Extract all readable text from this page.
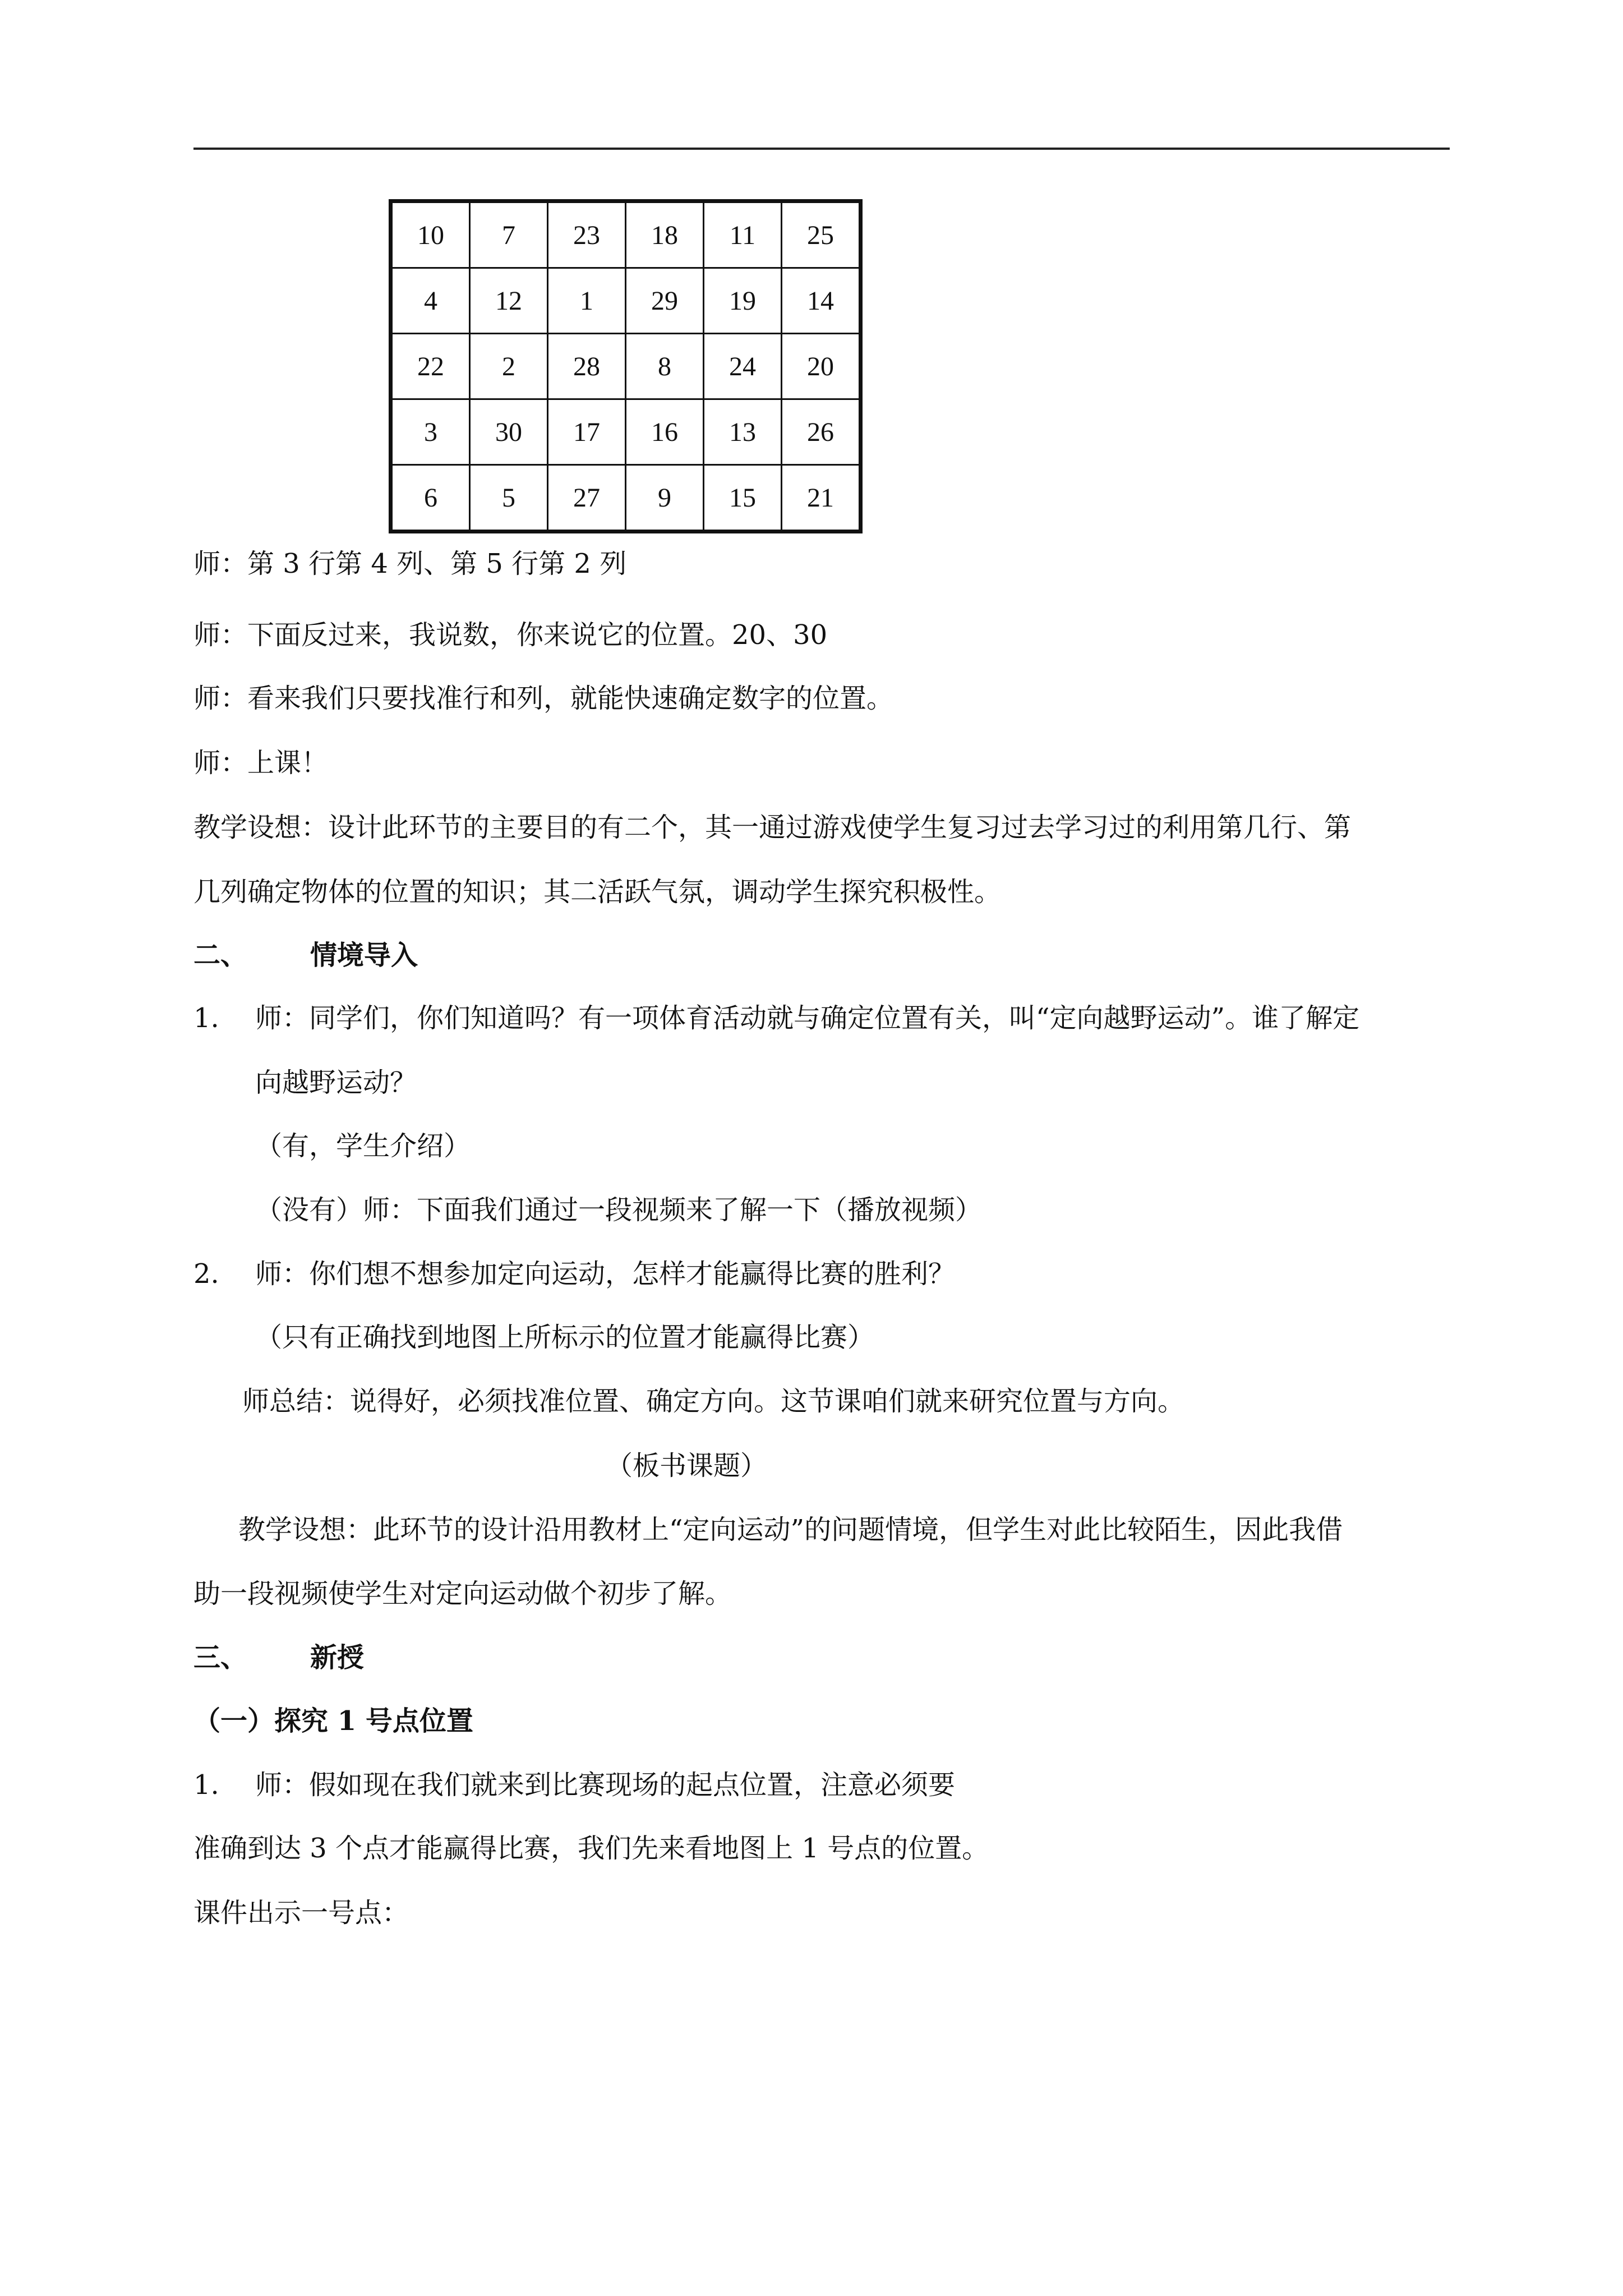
10	7	23	18	11	25
4	12	1	29	19	14
22	2	28	8	24	20
3	30	17	16	13	26
6	5	27	9	15	21
师：第 3 行第 4 列、第 5 行第 2 列
师：下面反过来，我说数，你来说它的位置。20、30
师：看来我们只要找准行和列，就能快速确定数字的位置。
师：上课！
教学设想：设计此环节的主要目的有二个，其一通过游戏使学生复习过去学习过的利用第几行、第
几列确定物体的位置的知识；其二活跃气氛，调动学生探究积极性。
二、 情境导入
1. 师：同学们，你们知道吗？有一项体育活动就与确定位置有关，叫“定向越野运动”。谁了解定
向越野运动？
（有，学生介绍）
（没有）师：下面我们通过一段视频来了解一下（播放视频）
2. 师：你们想不想参加定向运动，怎样才能赢得比赛的胜利？
（只有正确找到地图上所标示的位置才能赢得比赛）
师总结：说得好，必须找准位置、确定方向。这节课咱们就来研究位置与方向。
（板书课题）
教学设想：此环节的设计沿用教材上“定向运动”的问题情境，但学生对此比较陌生，因此我借
助一段视频使学生对定向运动做个初步了解。
三、 新授
（一）探究 1 号点位置
1. 师：假如现在我们就来到比赛现场的起点位置，注意必须要
准确到达 3 个点才能赢得比赛，我们先来看地图上 1 号点的位置。
课件出示一号点：
